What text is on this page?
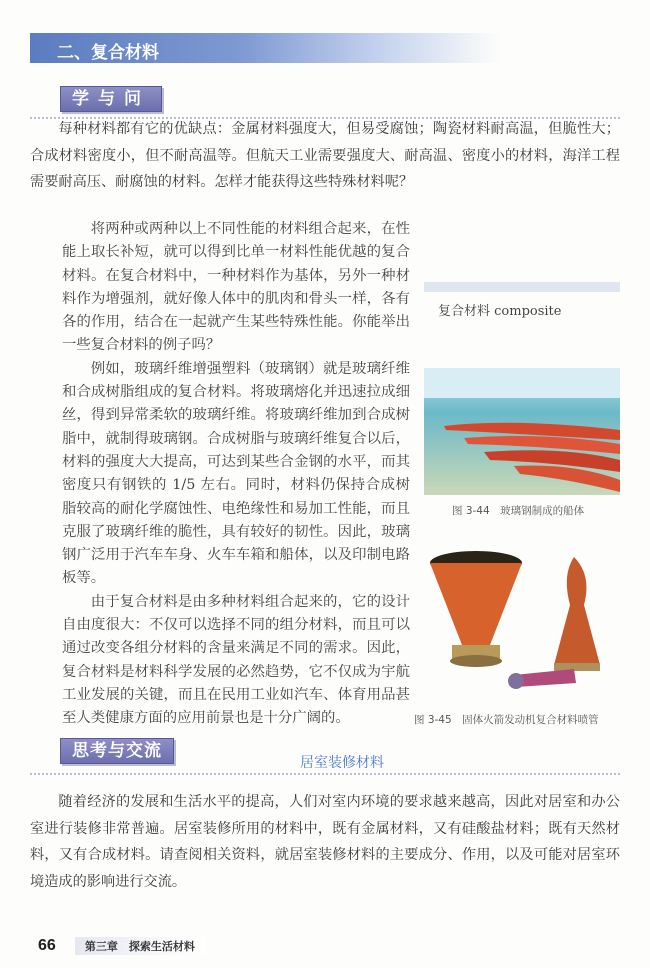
二、复合材料
学与问
每种材料都有它的优缺点：金属材料强度大，但易受腐蚀；陶瓷材料耐高温，但脆性大；合成材料密度小，但不耐高温等。但航天工业需要强度大、耐高温、密度小的材料，海洋工程需要耐高压、耐腐蚀的材料。怎样才能获得这些特殊材料呢？

将两种或两种以上不同性能的材料组合起来，在性能上取长补短，就可以得到比单一材料性能优越的复合材料。在复合材料中，一种材料作为基体，另外一种材料作为增强剂，就好像人体中的肌肉和骨头一样，各有各的作用，结合在一起就产生某些特殊性能。你能举出一些复合材料的例子吗？

例如，玻璃纤维增强塑料（玻璃钢）就是玻璃纤维和合成树脂组成的复合材料。将玻璃熔化并迅速拉成细丝，得到异常柔软的玻璃纤维。将玻璃纤维加到合成树脂中，就制得玻璃钢。合成树脂与玻璃纤维复合以后，材料的强度大大提高，可达到某些合金钢的水平，而其密度只有钢铁的 1/5 左右。同时，材料仍保持合成树脂较高的耐化学腐蚀性、电绝缘性和易加工性能，而且克服了玻璃纤维的脆性，具有较好的韧性。因此，玻璃钢广泛用于汽车车身、火车车箱和船体，以及印制电路板等。

由于复合材料是由多种材料组合起来的，它的设计自由度很大：不仅可以选择不同的组分材料，而且可以通过改变各组分材料的含量来满足不同的需求。因此，复合材料是材料科学发展的必然趋势，它不仅成为宇航工业发展的关键，而且在民用工业如汽车、体育用品甚至人类健康方面的应用前景也是十分广阔的。

复合材料 composite
图 3-44　玻璃钢制成的船体
图 3-45　固体火箭发动机复合材料喷管
思考与交流
居室装修材料
随着经济的发展和生活水平的提高，人们对室内环境的要求越来越高，因此对居室和办公室进行装修非常普遍。居室装修所用的材料中，既有金属材料，又有硅酸盐材料；既有天然材料，又有合成材料。请查阅相关资料，就居室装修材料的主要成分、作用，以及可能对居室环境造成的影响进行交流。
66	第三章　探索生活材料
